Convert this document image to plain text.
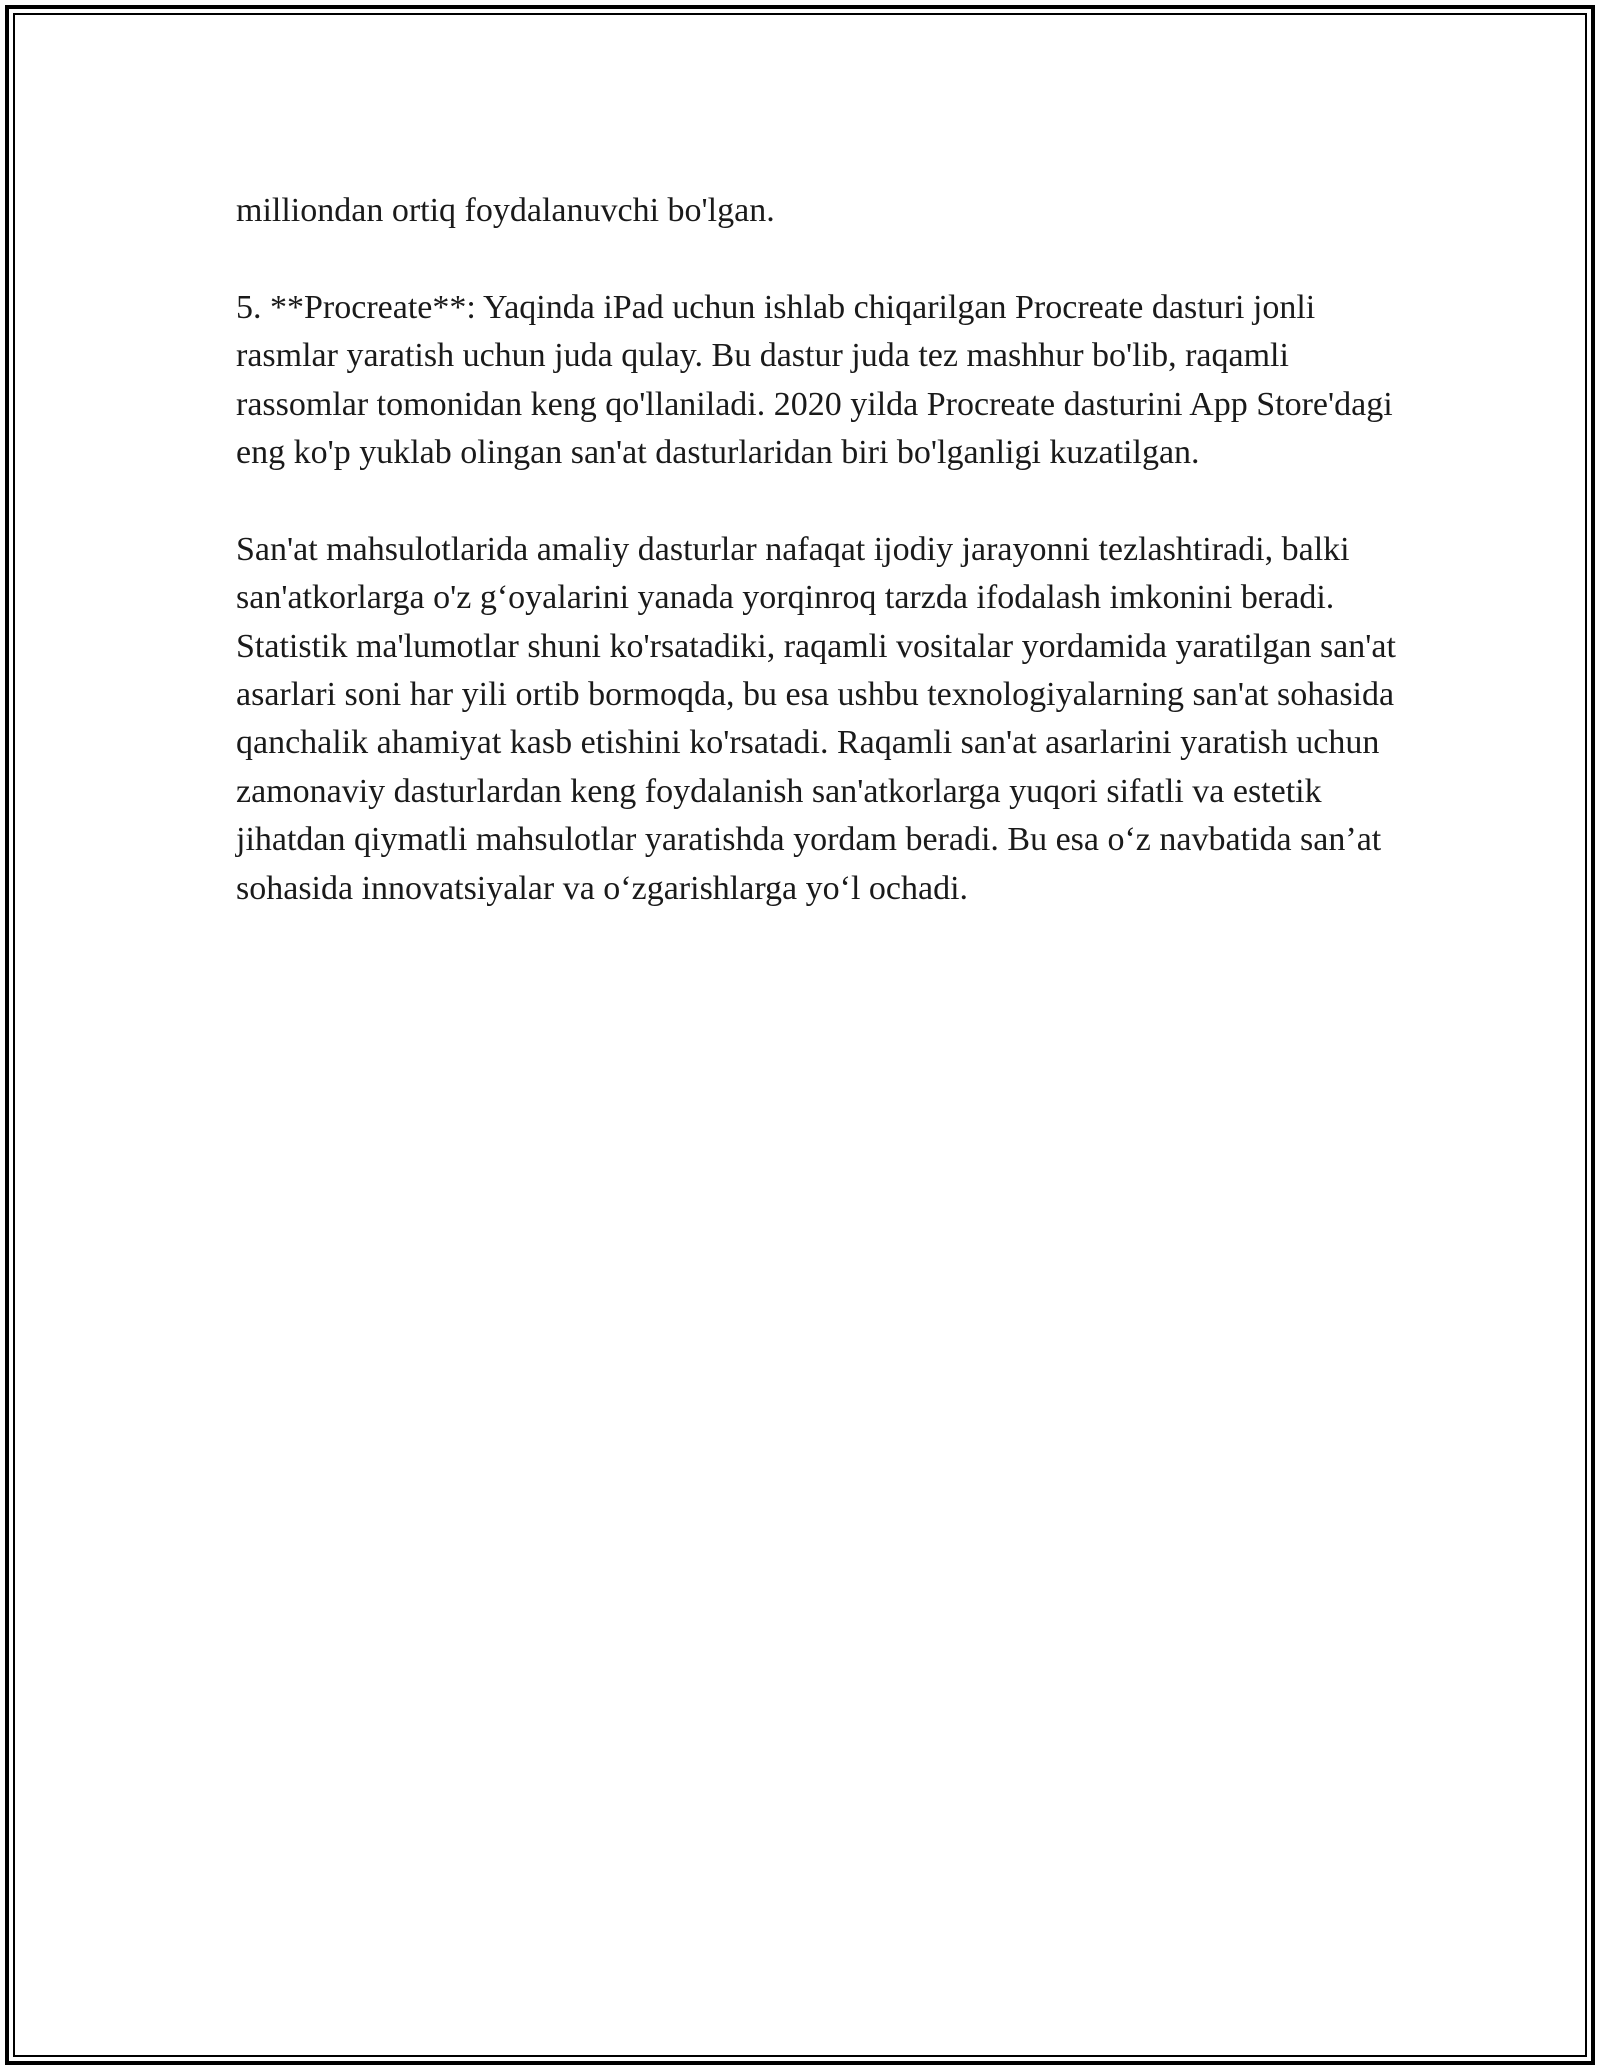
milliondan ortiq foydalanuvchi bo'lgan.

5. **Procreate**: Yaqinda iPad uchun ishlab chiqarilgan Procreate dasturi jonli rasmlar yaratish uchun juda qulay. Bu dastur juda tez mashhur bo'lib, raqamli rassomlar tomonidan keng qo'llaniladi. 2020 yilda Procreate dasturini App Store'dagi eng ko'p yuklab olingan san'at dasturlaridan biri bo'lganligi kuzatilgan.

San'at mahsulotlarida amaliy dasturlar nafaqat ijodiy jarayonni tezlashtiradi, balki san'atkorlarga o'z g‘oyalarini yanada yorqinroq tarzda ifodalash imkonini beradi. Statistik ma'lumotlar shuni ko'rsatadiki, raqamli vositalar yordamida yaratilgan san'at asarlari soni har yili ortib bormoqda, bu esa ushbu texnologiyalarning san'at sohasida qanchalik ahamiyat kasb etishini ko'rsatadi. Raqamli san'at asarlarini yaratish uchun zamonaviy dasturlardan keng foydalanish san'atkorlarga yuqori sifatli va estetik jihatdan qiymatli mahsulotlar yaratishda yordam beradi. Bu esa o‘z navbatida san’at sohasida innovatsiyalar va o‘zgarishlarga yo‘l ochadi.
